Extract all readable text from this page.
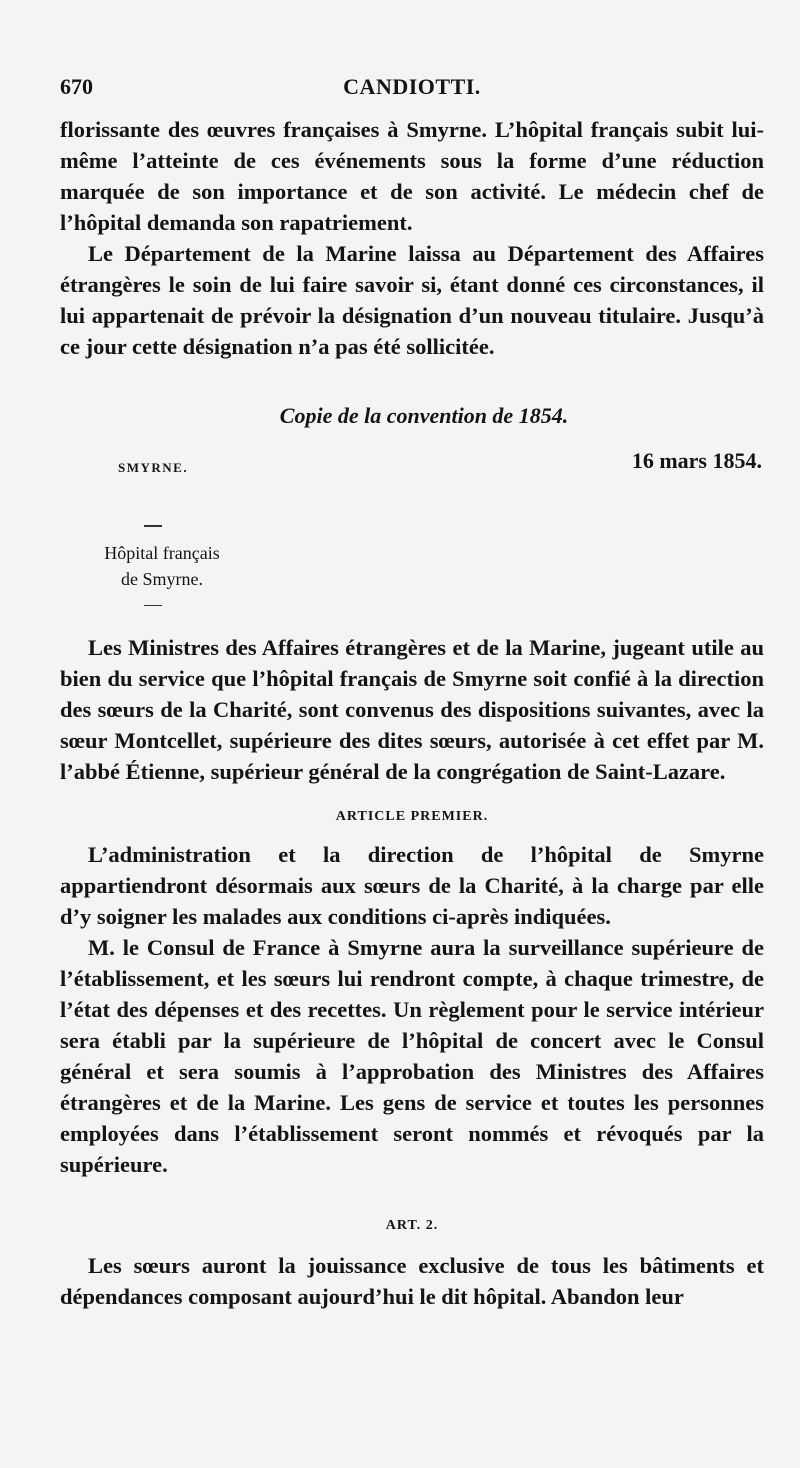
670	CANDIOTTI.

florissante des œuvres françaises à Smyrne. L’hôpital français subit lui-même l’atteinte de ces événements sous la forme d’une réduction marquée de son importance et de son activité. Le médecin chef de l’hôpital demanda son rapatriement.

Le Département de la Marine laissa au Département des Affaires étrangères le soin de lui faire savoir si, étant donné ces circonstances, il lui appartenait de prévoir la désignation d’un nouveau titulaire. Jusqu’à ce jour cette désignation n’a pas été sollicitée.

Copie de la convention de 1854.
SMYRNE.	16 mars 1854.
Hôpital français
de Smyrne.

Les Ministres des Affaires étrangères et de la Marine, jugeant utile au bien du service que l’hôpital français de Smyrne soit confié à la direction des sœurs de la Charité, sont convenus des dispositions suivantes, avec la sœur Montcellet, supérieure des dites sœurs, autorisée à cet effet par M. l’abbé Étienne, supérieur général de la congrégation de Saint-Lazare.

ARTICLE PREMIER.

L’administration et la direction de l’hôpital de Smyrne appartiendront désormais aux sœurs de la Charité, à la charge par elle d’y soigner les malades aux conditions ci-après indiquées.

M. le Consul de France à Smyrne aura la surveillance supérieure de l’établissement, et les sœurs lui rendront compte, à chaque trimestre, de l’état des dépenses et des recettes. Un règlement pour le service intérieur sera établi par la supérieure de l’hôpital de concert avec le Consul général et sera soumis à l’approbation des Ministres des Affaires étrangères et de la Marine. Les gens de service et toutes les personnes employées dans l’établissement seront nommés et révoqués par la supérieure.

ART. 2.

Les sœurs auront la jouissance exclusive de tous les bâtiments et dépendances composant aujourd’hui le dit hôpital. Abandon leur
